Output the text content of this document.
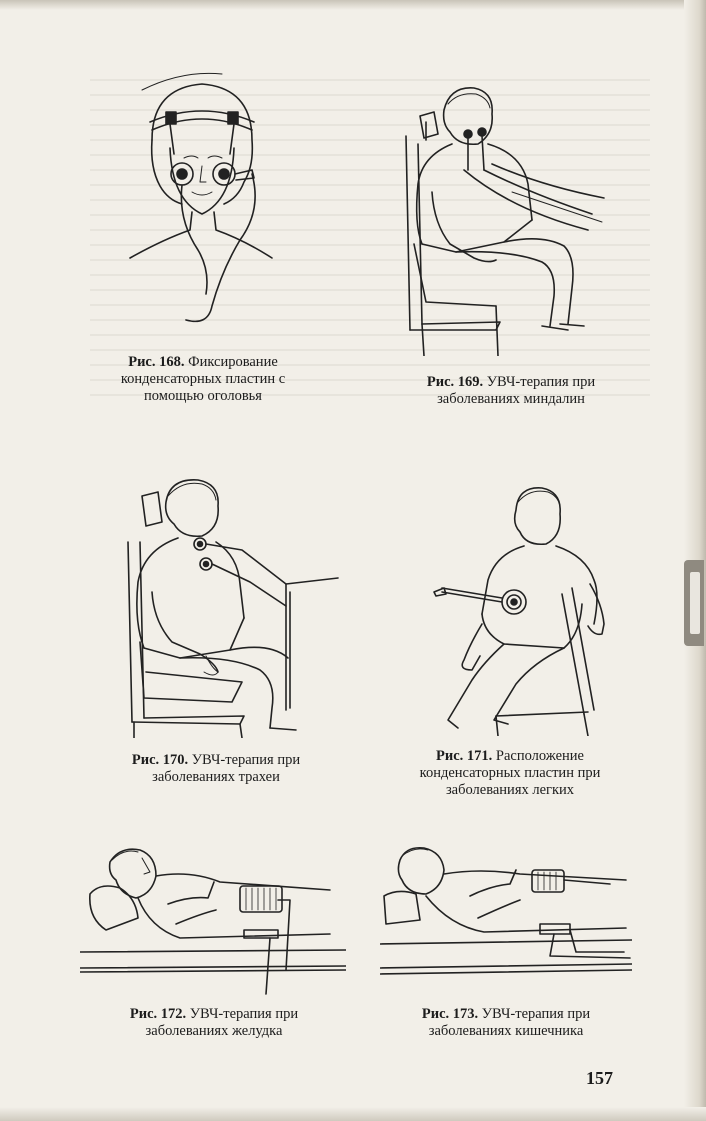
Рис. 168. Фиксирование
конденсаторных пластин с
помощью оголовья
Рис. 169. УВЧ-терапия при
заболеваниях миндалин
Рис. 170. УВЧ-терапия при
заболеваниях трахеи
Рис. 171. Расположение
конденсаторных пластин при
заболеваниях легких
Рис. 172. УВЧ-терапия при
заболеваниях желудка
Рис. 173. УВЧ-терапия при
заболеваниях кишечника
157
